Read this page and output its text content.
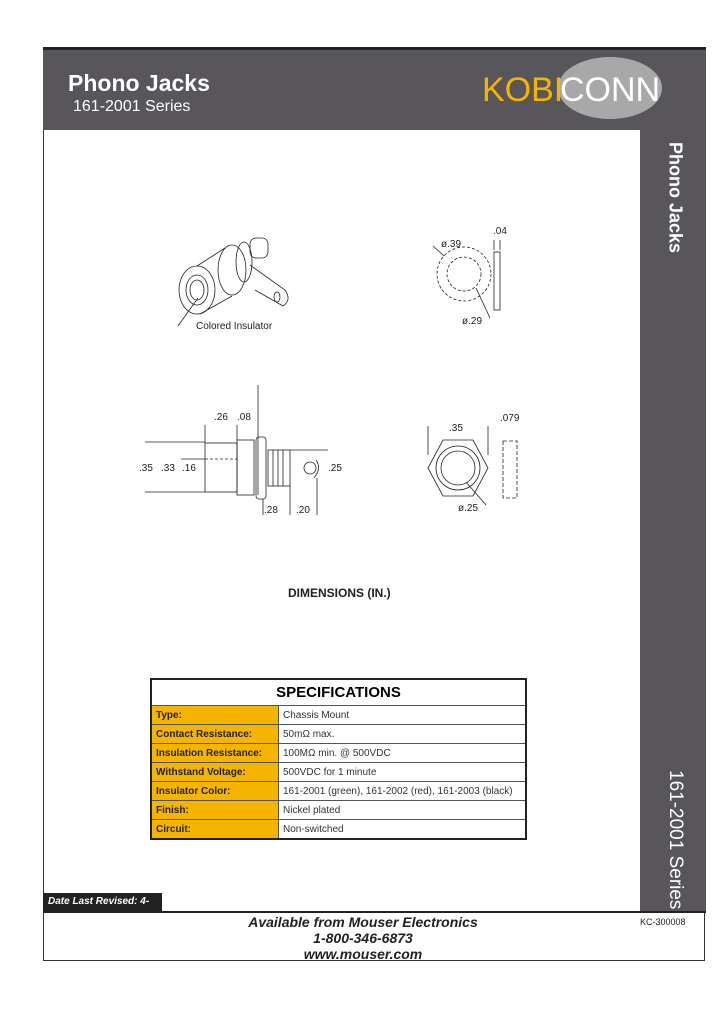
Phono Jacks
161-2001 Series	KOBI
CONN
Phono Jacks
161-2001 Series
Colored Insulator
ø.39
.04
ø.29
.26 .08
.35 .33 .16	.25
.28 .20
.35
.079
ø.25
DIMENSIONS (IN.)
SPECIFICATIONS	
Type:	Chassis Mount
Contact Resistance:	50mΩ max.
Insulation Resistance:	100MΩ min. @ 500VDC
Withstand Voltage:	500VDC for 1 minute
Insulator Color:	161-2001 (green), 161-2002 (red), 161-2003 (black)
Finish:	Nickel plated
Circuit:	Non-switched
Date Last Revised: 4-06-04	Available from Mouser Electronics
1-800-346-6873
www.mouser.com
KC-300008
